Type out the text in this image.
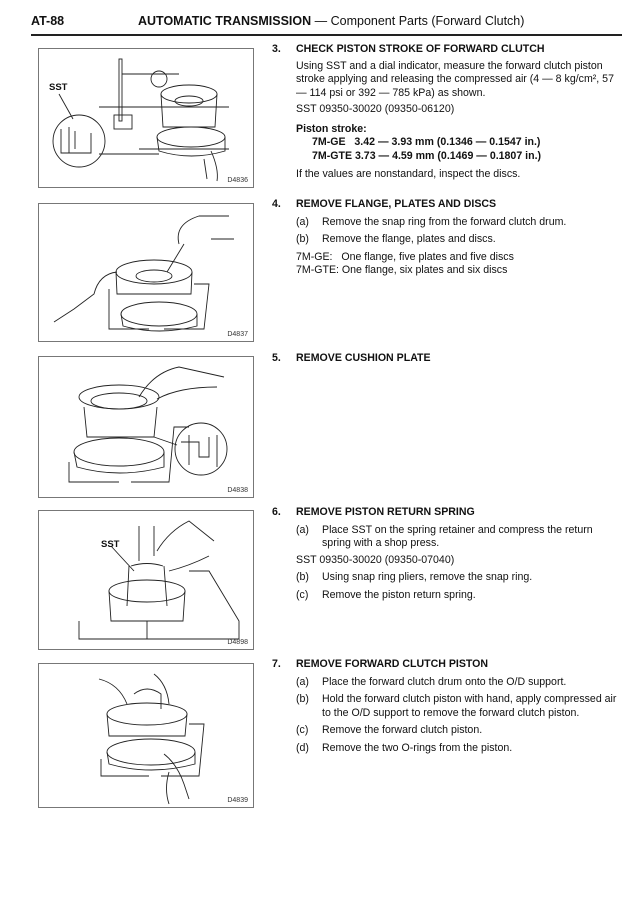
AT-88	AUTOMATIC TRANSMISSION — Component Parts (Forward Clutch)
SST
D4836
D4837
D4838
SST
D4898
D4839
3. CHECK PISTON STROKE OF FORWARD CLUTCH
Using SST and a dial indicator, measure the forward clutch piston stroke applying and releasing the compressed air (4 — 8 kg/cm², 57 — 114 psi or 392 — 785 kPa) as shown.
SST 09350-30020 (09350-06120)
Piston stroke:
7M-GE   3.42 — 3.93 mm (0.1346 — 0.1547 in.)
7M-GTE 3.73 — 4.59 mm (0.1469 — 0.1807 in.)
If the values are nonstandard, inspect the discs.
4. REMOVE FLANGE, PLATES AND DISCS
(a) Remove the snap ring from the forward clutch drum.
(b) Remove the flange, plates and discs.
7M-GE:   One flange, five plates and five discs
7M-GTE: One flange, six plates and six discs
5. REMOVE CUSHION PLATE
6. REMOVE PISTON RETURN SPRING
(a) Place SST on the spring retainer and compress the return spring with a shop press.
SST 09350-30020 (09350-07040)
(b) Using snap ring pliers, remove the snap ring.
(c) Remove the piston return spring.
7. REMOVE FORWARD CLUTCH PISTON
(a) Place the forward clutch drum onto the O/D support.
(b) Hold the forward clutch piston with hand, apply compressed air to the O/D support to remove the forward clutch piston.
(c) Remove the forward clutch piston.
(d) Remove the two O-rings from the piston.
